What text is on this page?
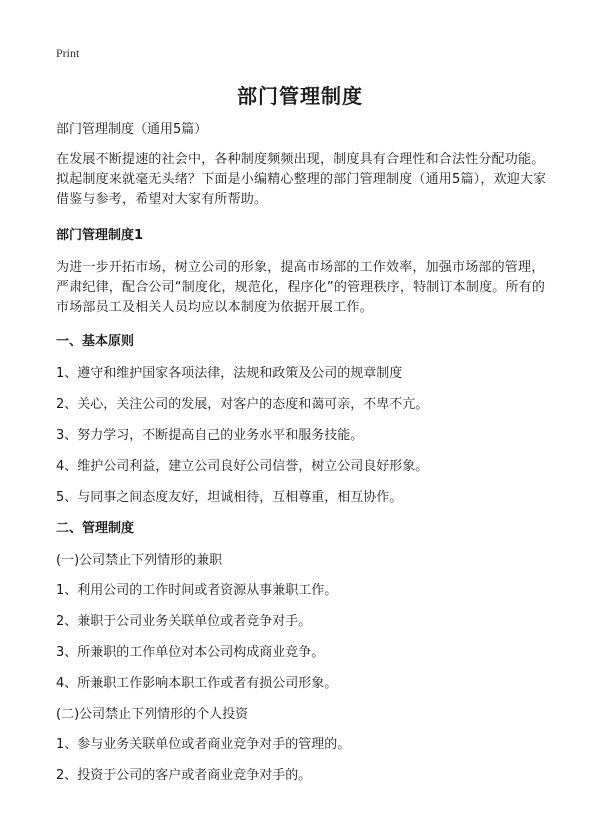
Print
部门管理制度

部门管理制度（通用5篇）

在发展不断提速的社会中，各种制度频频出现，制度具有合理性和合法性分配功能。拟起制度来就毫无头绪？下面是小编精心整理的部门管理制度（通用5篇），欢迎大家借鉴与参考，希望对大家有所帮助。

部门管理制度1

为进一步开拓市场，树立公司的形象，提高市场部的工作效率，加强市场部的管理，严肃纪律，配合公司“制度化，规范化，程序化”的管理秩序，特制订本制度。所有的市场部员工及相关人员均应以本制度为依据开展工作。

一、基本原则

1、遵守和维护国家各项法律，法规和政策及公司的规章制度

2、关心，关注公司的发展，对客户的态度和蔼可亲，不卑不亢。

3、努力学习，不断提高自己的业务水平和服务技能。

4、维护公司利益，建立公司良好公司信誉，树立公司良好形象。

5、与同事之间态度友好，坦诚相待，互相尊重，相互协作。

二、管理制度

(一)公司禁止下列情形的兼职

1、利用公司的工作时间或者资源从事兼职工作。

2、兼职于公司业务关联单位或者竞争对手。

3、所兼职的工作单位对本公司构成商业竞争。

4、所兼职工作影响本职工作或者有损公司形象。

(二)公司禁止下列情形的个人投资

1、参与业务关联单位或者商业竞争对手的管理的。

2、投资于公司的客户或者商业竞争对手的。
